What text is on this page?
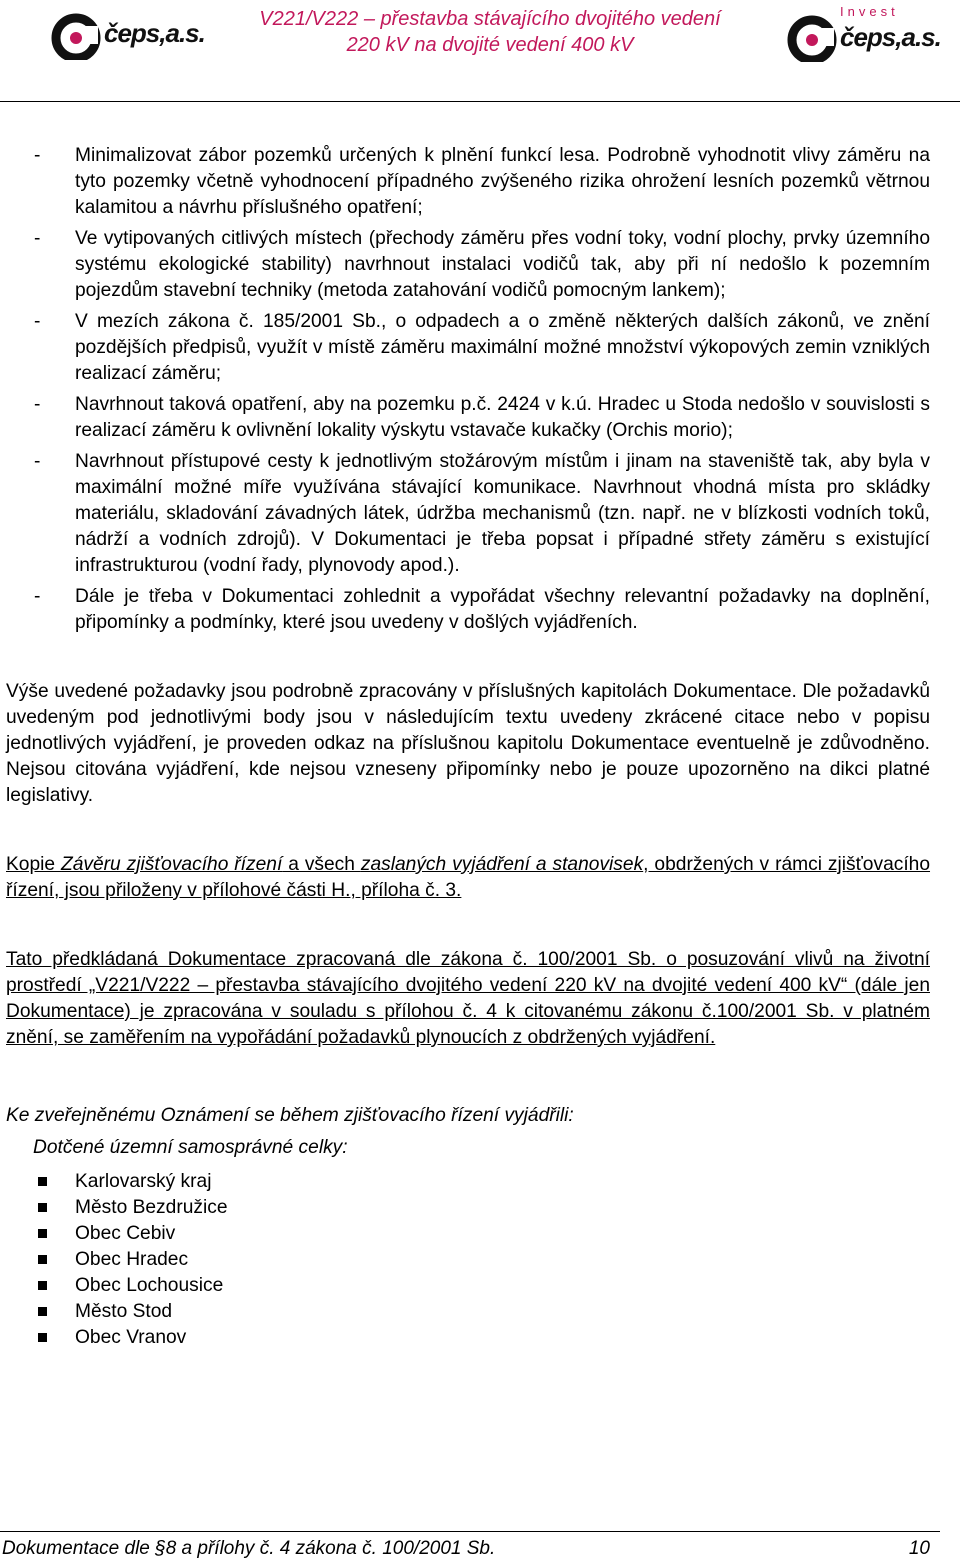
čeps,a.s.	V221/V222 – přestavba stávajícího dvojitého vedení
220 kV na dvojité vedení 400 kV
Invest
čeps,a.s.

- Minimalizovat zábor pozemků určených k plnění funkcí lesa. Podrobně vyhodnotit vlivy záměru na tyto pozemky včetně vyhodnocení případného zvýšeného rizika ohrožení lesních pozemků větrnou kalamitou a návrhu příslušného opatření;

- Ve vytipovaných citlivých místech (přechody záměru přes vodní toky, vodní plochy, prvky územního systému ekologické stability) navrhnout instalaci vodičů tak, aby při ní nedošlo k pozemním pojezdům stavební techniky (metoda zatahování vodičů pomocným lankem);

- V mezích zákona č. 185/2001 Sb., o odpadech a o změně některých dalších zákonů, ve znění pozdějších předpisů, využít v místě záměru maximální možné množství výkopových zemin vzniklých realizací záměru;

- Navrhnout taková opatření, aby na pozemku p.č. 2424 v k.ú. Hradec u Stoda nedošlo v souvislosti s realizací záměru k ovlivnění lokality výskytu vstavače kukačky (Orchis morio);

- Navrhnout přístupové cesty k jednotlivým stožárovým místům i jinam na staveniště tak, aby byla v maximální možné míře využívána stávající komunikace. Navrhnout vhodná místa pro skládky materiálu, skladování závadných látek, údržba mechanismů (tzn. např. ne v blízkosti vodních toků, nádrží a vodních zdrojů). V Dokumentaci je třeba popsat i případné střety záměru s existující infrastrukturou (vodní řady, plynovody apod.).

- Dále je třeba v Dokumentaci zohlednit a vypořádat všechny relevantní požadavky na doplnění, připomínky a podmínky, které jsou uvedeny v došlých vyjádřeních.

Výše uvedené požadavky jsou podrobně zpracovány v příslušných kapitolách Dokumentace. Dle požadavků uvedeným pod jednotlivými body jsou v následujícím textu uvedeny zkrácené citace nebo v popisu jednotlivých vyjádření, je proveden odkaz na příslušnou kapitolu Dokumentace eventuelně je zdůvodněno. Nejsou citována vyjádření, kde nejsou vzneseny připomínky nebo je pouze upozorněno na dikci platné legislativy.

Kopie Závěru zjišťovacího řízení a všech zaslaných vyjádření a stanovisek, obdržených v rámci zjišťovacího řízení, jsou přiloženy v přílohové části H., příloha č. 3.

Tato předkládaná Dokumentace zpracovaná dle zákona č. 100/2001 Sb. o posuzování vlivů na životní prostředí „V221/V222 – přestavba stávajícího dvojitého vedení 220 kV na dvojité vedení 400 kV“ (dále jen Dokumentace) je zpracována v souladu s přílohou č. 4 k citovanému zákonu č.100/2001 Sb. v platném znění, se zaměřením na vypořádání požadavků plynoucích z obdržených vyjádření.

Ke zveřejněnému Oznámení se během zjišťovacího řízení vyjádřili:

Dotčené územní samosprávné celky:

Karlovarský kraj

Město Bezdružice

Obec Cebiv

Obec Hradec

Obec Lochousice

Město Stod

Obec Vranov

Dokumentace dle §8 a přílohy č. 4 zákona č. 100/2001 Sb.	10
